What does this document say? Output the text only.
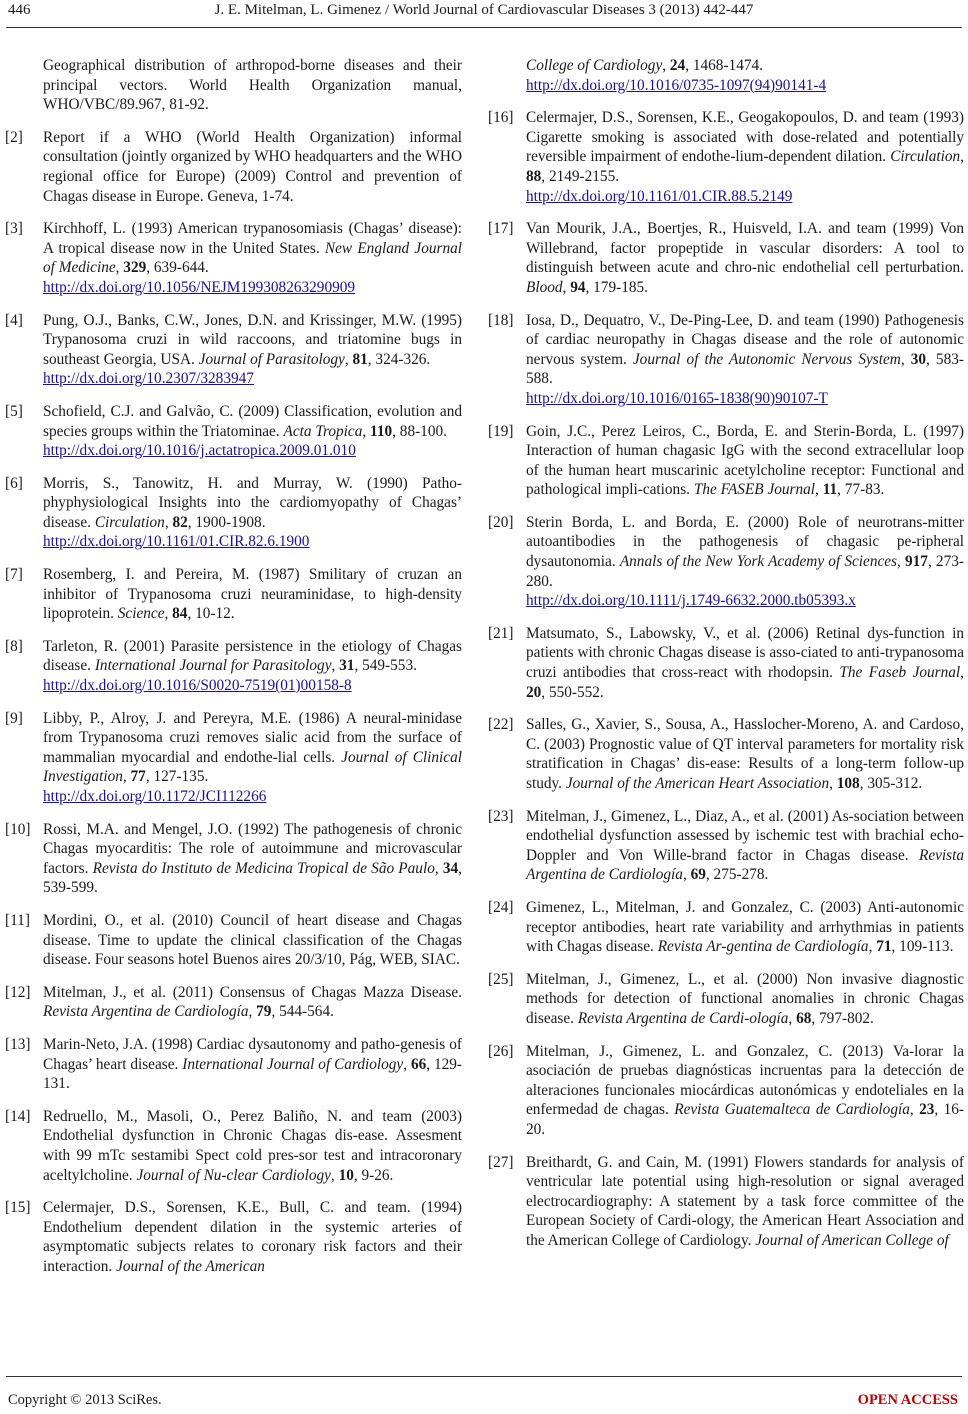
446	J. E. Mitelman, L. Gimenez / World Journal of Cardiovascular Diseases 3 (2013) 442-447
Geographical distribution of arthropod-borne diseases and their principal vectors. World Health Organization manual, WHO/VBC/89.967, 81-92.
[2] Report if a WHO (World Health Organization) informal consultation (jointly organized by WHO headquarters and the WHO regional office for Europe) (2009) Control and prevention of Chagas disease in Europe. Geneva, 1-74.
[3] Kirchhoff, L. (1993) American trypanosomiasis (Chagas’ disease): A tropical disease now in the United States. New England Journal of Medicine, 329, 639-644.
http://dx.doi.org/10.1056/NEJM199308263290909
[4] Pung, O.J., Banks, C.W., Jones, D.N. and Krissinger, M.W. (1995) Trypanosoma cruzi in wild raccoons, and triatomine bugs in southeast Georgia, USA. Journal of Parasitology, 81, 324-326.
http://dx.doi.org/10.2307/3283947
[5] Schofield, C.J. and Galvão, C. (2009) Classification, evolution and species groups within the Triatominae. Acta Tropica, 110, 88-100.
http://dx.doi.org/10.1016/j.actatropica.2009.01.010
[6] Morris, S., Tanowitz, H. and Murray, W. (1990) Patho-phyphysiological Insights into the cardiomyopathy of Chagas’ disease. Circulation, 82, 1900-1908.
http://dx.doi.org/10.1161/01.CIR.82.6.1900
[7] Rosemberg, I. and Pereira, M. (1987) Smilitary of cruzan an inhibitor of Trypanosoma cruzi neuraminidase, to high-density lipoprotein. Science, 84, 10-12.
[8] Tarleton, R. (2001) Parasite persistence in the etiology of Chagas disease. International Journal for Parasitology, 31, 549-553.
http://dx.doi.org/10.1016/S0020-7519(01)00158-8
[9] Libby, P., Alroy, J. and Pereyra, M.E. (1986) A neural-minidase from Trypanosoma cruzi removes sialic acid from the surface of mammalian myocardial and endothe-lial cells. Journal of Clinical Investigation, 77, 127-135.
http://dx.doi.org/10.1172/JCI112266
[10] Rossi, M.A. and Mengel, J.O. (1992) The pathogenesis of chronic Chagas myocarditis: The role of autoimmune and microvascular factors. Revista do Instituto de Medicina Tropical de São Paulo, 34, 539-599.
[11] Mordini, O., et al. (2010) Council of heart disease and Chagas disease. Time to update the clinical classification of the Chagas disease. Four seasons hotel Buenos aires 20/3/10, Pág, WEB, SIAC.
[12] Mitelman, J., et al. (2011) Consensus of Chagas Mazza Disease. Revista Argentina de Cardiología, 79, 544-564.
[13] Marin-Neto, J.A. (1998) Cardiac dysautonomy and patho-genesis of Chagas’ heart disease. International Journal of Cardiology, 66, 129-131.
[14] Redruello, M., Masoli, O., Perez Baliño, N. and team (2003) Endothelial dysfunction in Chronic Chagas dis-ease. Assesment with 99 mTc sestamibi Spect cold pres-sor test and intracoronary aceltylcholine. Journal of Nu-clear Cardiology, 10, 9-26.
[15] Celermajer, D.S., Sorensen, K.E., Bull, C. and team. (1994) Endothelium dependent dilation in the systemic arteries of asymptomatic subjects relates to coronary risk factors and their interaction. Journal of the American
College of Cardiology, 24, 1468-1474.
http://dx.doi.org/10.1016/0735-1097(94)90141-4
[16] Celermajer, D.S., Sorensen, K.E., Geogakopoulos, D. and team (1993) Cigarette smoking is associated with dose-related and potentially reversible impairment of endothe-lium-dependent dilation. Circulation, 88, 2149-2155.
http://dx.doi.org/10.1161/01.CIR.88.5.2149
[17] Van Mourik, J.A., Boertjes, R., Huisveld, I.A. and team (1999) Von Willebrand, factor propeptide in vascular disorders: A tool to distinguish between acute and chro-nic endothelial cell perturbation. Blood, 94, 179-185.
[18] Iosa, D., Dequatro, V., De-Ping-Lee, D. and team (1990) Pathogenesis of cardiac neuropathy in Chagas disease and the role of autonomic nervous system. Journal of the Autonomic Nervous System, 30, 583-588.
http://dx.doi.org/10.1016/0165-1838(90)90107-T
[19] Goin, J.C., Perez Leiros, C., Borda, E. and Sterin-Borda, L. (1997) Interaction of human chagasic IgG with the second extracellular loop of the human heart muscarinic acetylcholine receptor: Functional and pathological impli-cations. The FASEB Journal, 11, 77-83.
[20] Sterin Borda, L. and Borda, E. (2000) Role of neurotrans-mitter autoantibodies in the pathogenesis of chagasic pe-ripheral dysautonomia. Annals of the New York Academy of Sciences, 917, 273-280.
http://dx.doi.org/10.1111/j.1749-6632.2000.tb05393.x
[21] Matsumato, S., Labowsky, V., et al. (2006) Retinal dys-function in patients with chronic Chagas disease is asso-ciated to anti-trypanosoma cruzi antibodies that cross-react with rhodopsin. The Faseb Journal, 20, 550-552.
[22] Salles, G., Xavier, S., Sousa, A., Hasslocher-Moreno, A. and Cardoso, C. (2003) Prognostic value of QT interval parameters for mortality risk stratification in Chagas’ dis-ease: Results of a long-term follow-up study. Journal of the American Heart Association, 108, 305-312.
[23] Mitelman, J., Gimenez, L., Diaz, A., et al. (2001) As-sociation between endothelial dysfunction assessed by ischemic test with brachial echo-Doppler and Von Wille-brand factor in Chagas disease. Revista Argentina de Cardiología, 69, 275-278.
[24] Gimenez, L., Mitelman, J. and Gonzalez, C. (2003) Anti-autonomic receptor antibodies, heart rate variability and arrhythmias in patients with Chagas disease. Revista Ar-gentina de Cardiología, 71, 109-113.
[25] Mitelman, J., Gimenez, L., et al. (2000) Non invasive diagnostic methods for detection of functional anomalies in chronic Chagas disease. Revista Argentina de Cardi-ología, 68, 797-802.
[26] Mitelman, J., Gimenez, L. and Gonzalez, C. (2013) Va-lorar la asociación de pruebas diagnósticas incruentas para la detección de alteraciones funcionales miocárdicas autonómicas y endoteliales en la enfermedad de chagas. Revista Guatemalteca de Cardiología, 23, 16-20.
[27] Breithardt, G. and Cain, M. (1991) Flowers standards for analysis of ventricular late potential using high-resolution or signal averaged electrocardiography: A statement by a task force committee of the European Society of Cardi-ology, the American Heart Association and the American College of Cardiology. Journal of American College of
Copyright © 2013 SciRes.	OPEN ACCESS
